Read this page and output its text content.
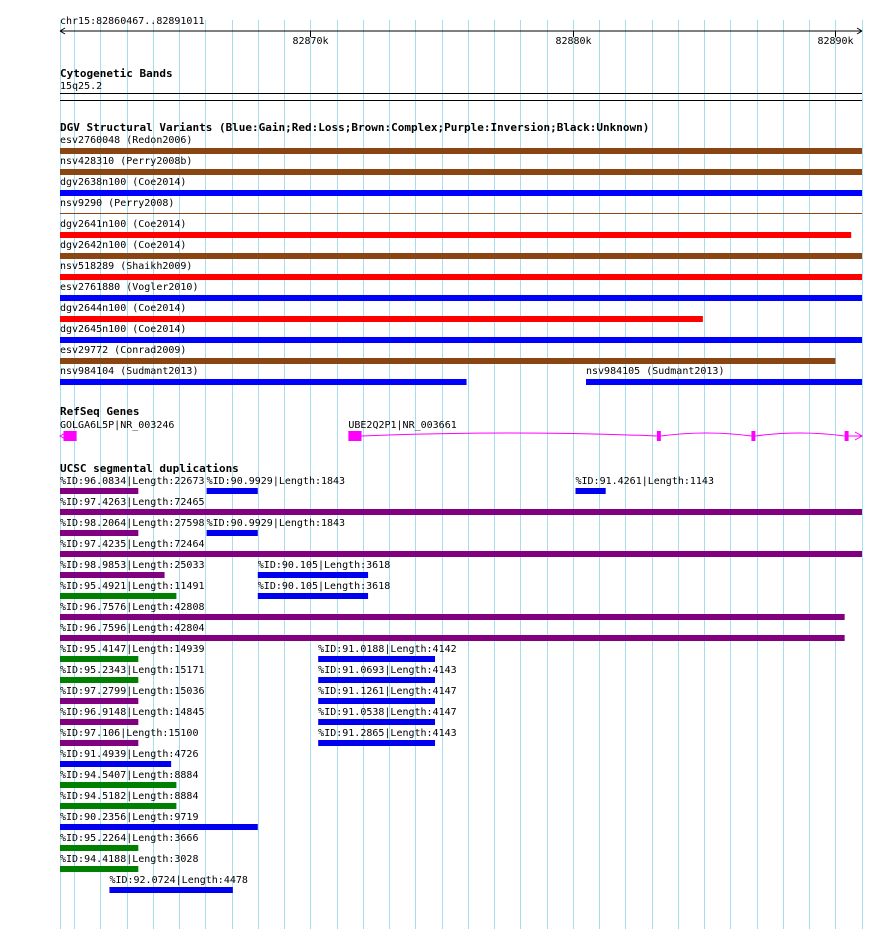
chr15:82860467..82891011
82870k	82880k	82890k
Cytogenetic Bands
15q25.2
DGV Structural Variants (Blue:Gain;Red:Loss;Brown:Complex;Purple:Inversion;Black:Unknown)
esv2760048 (Redon2006)
nsv428310 (Perry2008b)
dgv2638n100 (Coe2014)
nsv9290 (Perry2008)
dgv2641n100 (Coe2014)
dgv2642n100 (Coe2014)
nsv518289 (Shaikh2009)
esv2761880 (Vogler2010)
dgv2644n100 (Coe2014)
dgv2645n100 (Coe2014)
esv29772 (Conrad2009)
nsv984104 (Sudmant2013)	nsv984105 (Sudmant2013)
RefSeq Genes
GOLGA6L5P|NR_003246	UBE2Q2P1|NR_003661
UCSC segmental duplications
%ID:96.0834|Length:22673 %ID:90.9929|Length:1843	%ID:91.4261|Length:1143
%ID:97.4263|Length:72465
%ID:98.2064|Length:27598 %ID:90.9929|Length:1843
%ID:97.4235|Length:72464
%ID:98.9853|Length:25033	%ID:90.105|Length:3618
%ID:95.4921|Length:11491	%ID:90.105|Length:3618
%ID:96.7576|Length:42808
%ID:96.7596|Length:42804
%ID:95.4147|Length:14939	%ID:91.0188|Length:4142
%ID:95.2343|Length:15171	%ID:91.0693|Length:4143
%ID:97.2799|Length:15036	%ID:91.1261|Length:4147
%ID:96.9148|Length:14845	%ID:91.0538|Length:4147
%ID:97.106|Length:15100	%ID:91.2865|Length:4143
%ID:91.4939|Length:4726
%ID:94.5407|Length:8884
%ID:94.5182|Length:8884
%ID:90.2356|Length:9719
%ID:95.2264|Length:3666
%ID:94.4188|Length:3028
%ID:92.0724|Length:4478
